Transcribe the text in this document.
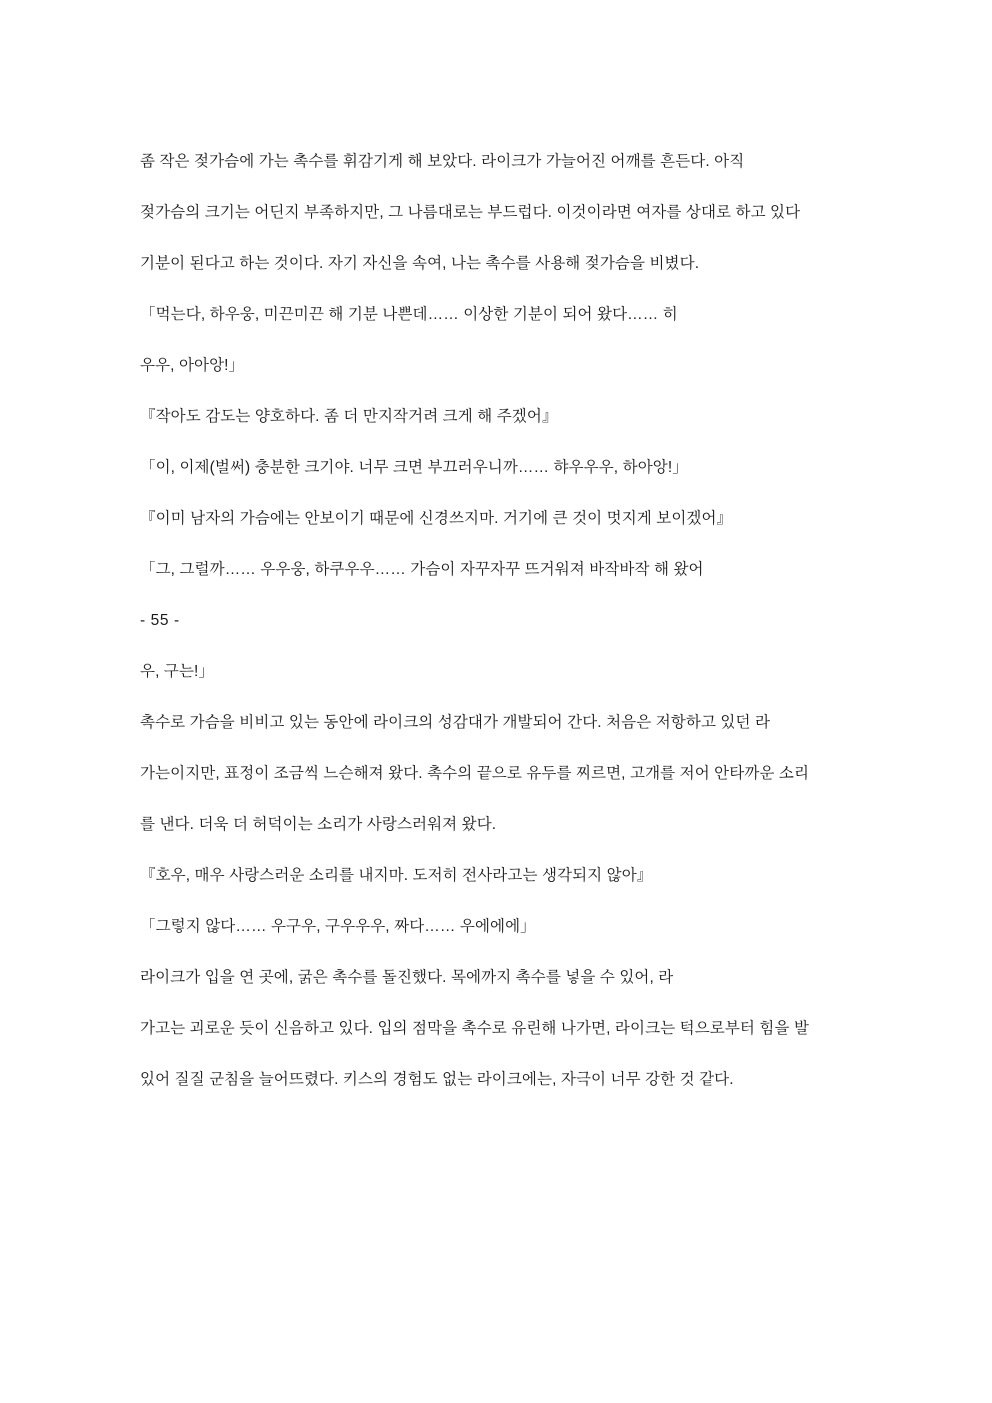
좀 작은 젖가슴에 가는 촉수를 휘감기게 해 보았다. 라이크가 가늘어진 어깨를 흔든다. 아직

젖가슴의 크기는 어딘지 부족하지만, 그 나름대로는 부드럽다. 이것이라면 여자를 상대로 하고 있다

기분이 된다고 하는 것이다. 자기 자신을 속여, 나는 촉수를 사용해 젖가슴을 비볐다.

「먹는다, 하우웅, 미끈미끈 해 기분 나쁜데…… 이상한 기분이 되어 왔다…… 히

우우, 아아앙!」

『작아도 감도는 양호하다. 좀 더 만지작거려 크게 해 주겠어』

「이, 이제(벌써) 충분한 크기야. 너무 크면 부끄러우니까…… 햐우우우, 하아앙!」

『이미 남자의 가슴에는 안보이기 때문에 신경쓰지마. 거기에 큰 것이 멋지게 보이겠어』

「그, 그럴까…… 우우웅, 하쿠우우…… 가슴이 자꾸자꾸 뜨거워져 바작바작 해 왔어

- 55 -

우, 구는!」

촉수로 가슴을 비비고 있는 동안에 라이크의 성감대가 개발되어 간다. 처음은 저항하고 있던 라

가는이지만, 표정이 조금씩 느슨해져 왔다. 촉수의 끝으로 유두를 찌르면, 고개를 저어 안타까운 소리

를 낸다. 더욱 더 허덕이는 소리가 사랑스러워져 왔다.

『호우, 매우 사랑스러운 소리를 내지마. 도저히 전사라고는 생각되지 않아』

「그렇지 않다…… 우구우, 구우우우, 짜다…… 우에에에」

라이크가 입을 연 곳에, 굵은 촉수를 돌진했다. 목에까지 촉수를 넣을 수 있어, 라

가고는 괴로운 듯이 신음하고 있다. 입의 점막을 촉수로 유린해 나가면, 라이크는 턱으로부터 힘을 발

있어 질질 군침을 늘어뜨렸다. 키스의 경험도 없는 라이크에는, 자극이 너무 강한 것 같다.
